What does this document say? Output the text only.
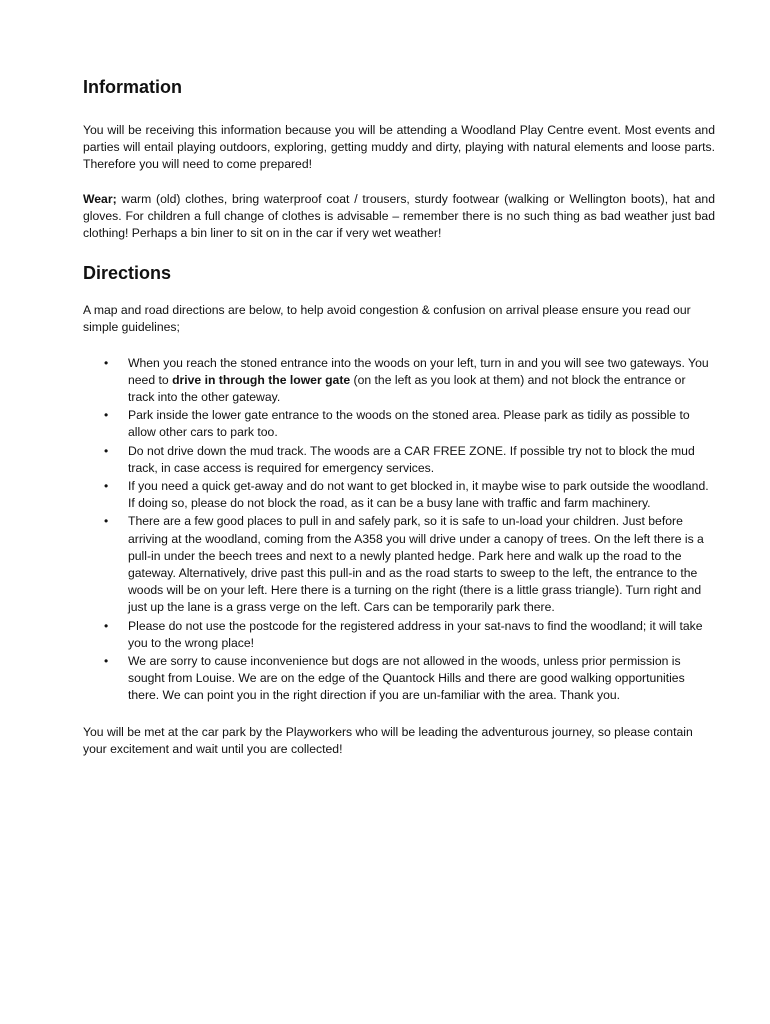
Information

You will be receiving this information because you will be attending a Woodland Play Centre event. Most events and parties will entail playing outdoors, exploring, getting muddy and dirty, playing with natural elements and loose parts. Therefore you will need to come prepared!

Wear; warm (old) clothes, bring waterproof coat / trousers, sturdy footwear (walking or Wellington boots), hat and gloves. For children a full change of clothes is advisable – remember there is no such thing as bad weather just bad clothing! Perhaps a bin liner to sit on in the car if very wet weather!

Directions

A map and road directions are below, to help avoid congestion & confusion on arrival please ensure you read our simple guidelines;

• When you reach the stoned entrance into the woods on your left, turn in and you will see two gateways. You need to drive in through the lower gate (on the left as you look at them) and not block the entrance or track into the other gateway.
• Park inside the lower gate entrance to the woods on the stoned area. Please park as tidily as possible to allow other cars to park too.
• Do not drive down the mud track. The woods are a CAR FREE ZONE. If possible try not to block the mud track, in case access is required for emergency services.
• If you need a quick get-away and do not want to get blocked in, it maybe wise to park outside the woodland. If doing so, please do not block the road, as it can be a busy lane with traffic and farm machinery.
• There are a few good places to pull in and safely park, so it is safe to un-load your children. Just before arriving at the woodland, coming from the A358 you will drive under a canopy of trees. On the left there is a pull-in under the beech trees and next to a newly planted hedge. Park here and walk up the road to the gateway. Alternatively, drive past this pull-in and as the road starts to sweep to the left, the entrance to the woods will be on your left. Here there is a turning on the right (there is a little grass triangle). Turn right and just up the lane is a grass verge on the left. Cars can be temporarily park there.
• Please do not use the postcode for the registered address in your sat-navs to find the woodland; it will take you to the wrong place!
• We are sorry to cause inconvenience but dogs are not allowed in the woods, unless prior permission is sought from Louise. We are on the edge of the Quantock Hills and there are good walking opportunities there. We can point you in the right direction if you are un-familiar with the area. Thank you.

You will be met at the car park by the Playworkers who will be leading the adventurous journey, so please contain your excitement and wait until you are collected!
